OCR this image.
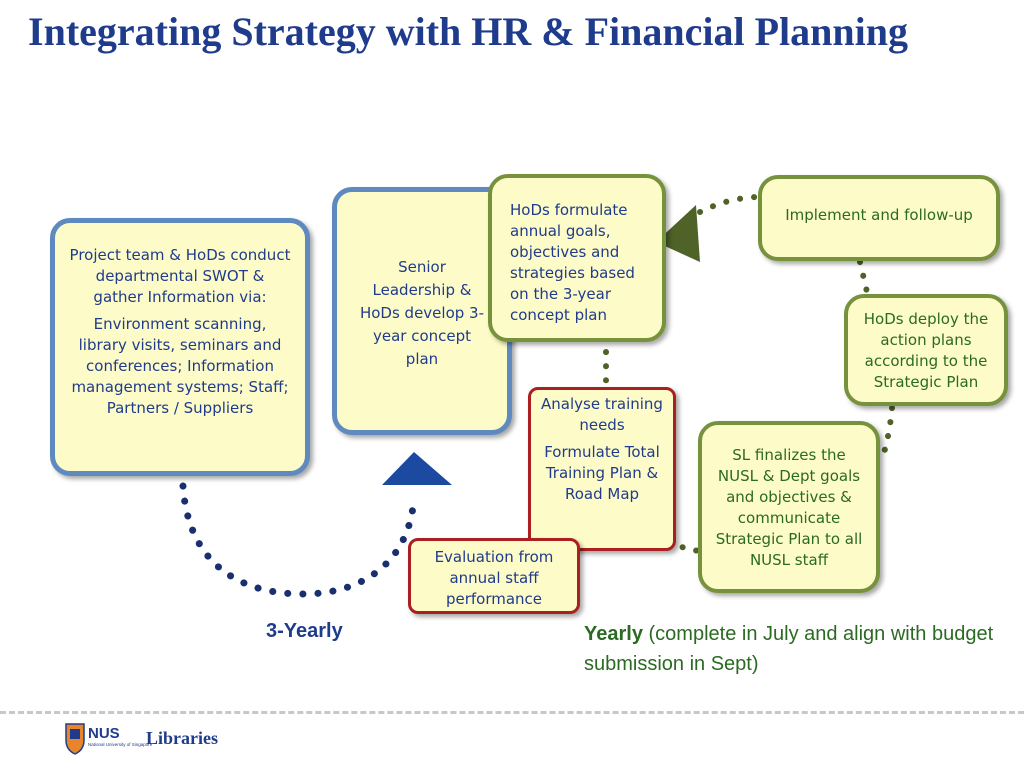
Integrating Strategy with HR & Financial Planning

Project team & HoDs conduct departmental SWOT & gather Information via:

Environment scanning, library visits, seminars and conferences; Information management systems; Staff; Partners / Suppliers

Senior Leadership & HoDs develop 3-year concept plan

HoDs formulate annual goals, objectives and strategies based on the 3-year concept plan

Implement and follow-up

HoDs deploy the action plans according to the Strategic Plan

SL finalizes the NUSL & Dept goals and objectives & communicate Strategic Plan to all NUSL staff

Analyse training needs

Formulate Total Training Plan & Road Map

Evaluation from annual staff performance

3-Yearly	Yearly (complete in July and align with budget submission in Sept)
NUS
National University of Singapore
Libraries
